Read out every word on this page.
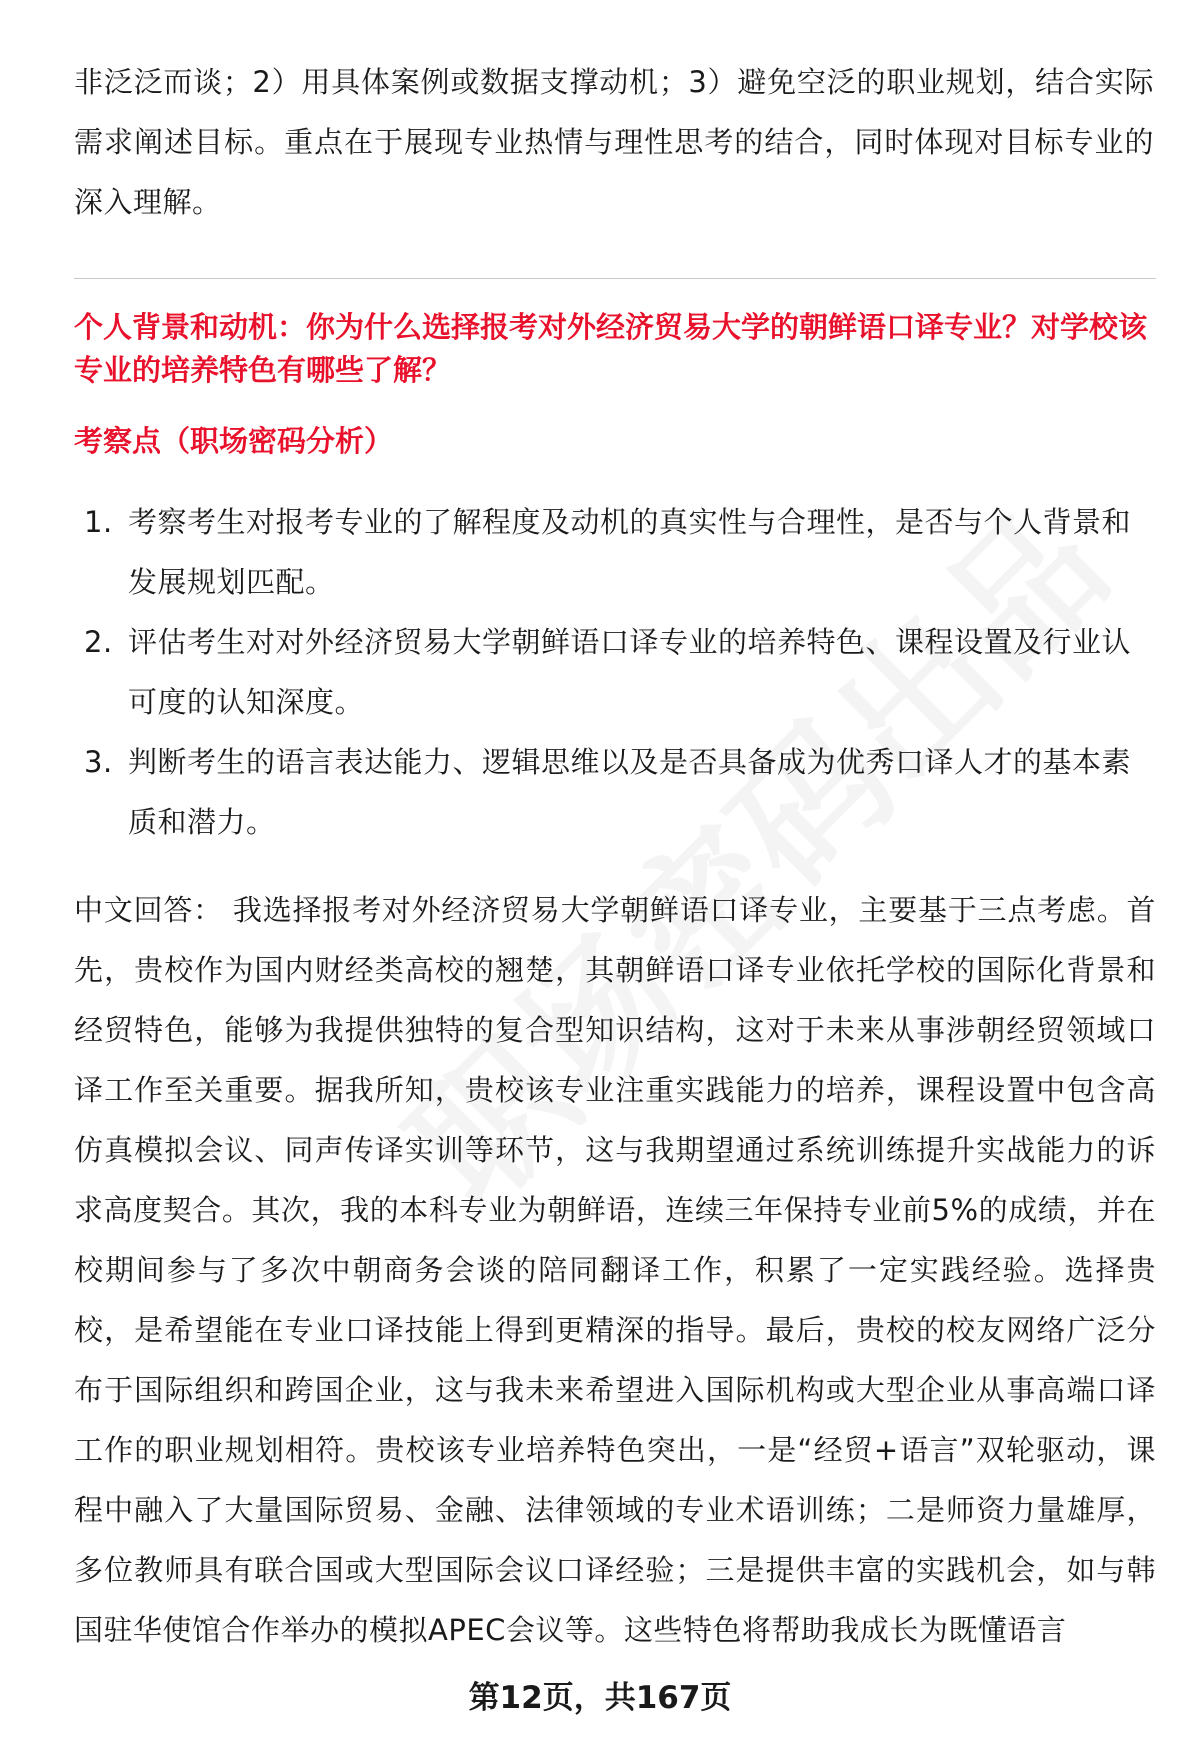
非泛泛而谈；2）用具体案例或数据支撑动机；3）避免空泛的职业规划，结合实际需求阐述目标。重点在于展现专业热情与理性思考的结合，同时体现对目标专业的深入理解。

个人背景和动机：你为什么选择报考对外经济贸易大学的朝鲜语口译专业？对学校该专业的培养特色有哪些了解？

考察点（职场密码分析）

1. 考察考生对报考专业的了解程度及动机的真实性与合理性，是否与个人背景和发展规划匹配。
2. 评估考生对对外经济贸易大学朝鲜语口译专业的培养特色、课程设置及行业认可度的认知深度。
3. 判断考生的语言表达能力、逻辑思维以及是否具备成为优秀口译人才的基本素质和潜力。

中文回答： 我选择报考对外经济贸易大学朝鲜语口译专业，主要基于三点考虑。首先，贵校作为国内财经类高校的翘楚，其朝鲜语口译专业依托学校的国际化背景和经贸特色，能够为我提供独特的复合型知识结构，这对于未来从事涉朝经贸领域口译工作至关重要。据我所知，贵校该专业注重实践能力的培养，课程设置中包含高仿真模拟会议、同声传译实训等环节，这与我期望通过系统训练提升实战能力的诉求高度契合。其次，我的本科专业为朝鲜语，连续三年保持专业前5%的成绩，并在校期间参与了多次中朝商务会谈的陪同翻译工作，积累了一定实践经验。选择贵校，是希望能在专业口译技能上得到更精深的指导。最后，贵校的校友网络广泛分布于国际组织和跨国企业，这与我未来希望进入国际机构或大型企业从事高端口译工作的职业规划相符。贵校该专业培养特色突出，一是“经贸+语言”双轮驱动，课程中融入了大量国际贸易、金融、法律领域的专业术语训练；二是师资力量雄厚，多位教师具有联合国或大型国际会议口译经验；三是提供丰富的实践机会，如与韩国驻华使馆合作举办的模拟APEC会议等。这些特色将帮助我成长为既懂语言

第12页，共167页
